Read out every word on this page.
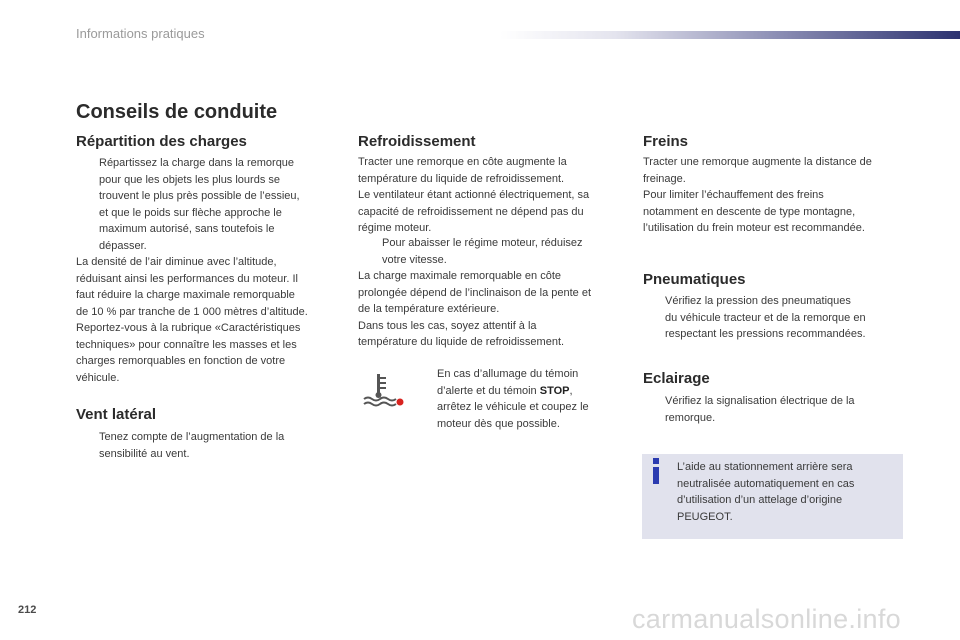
Informations pratiques
Conseils de conduite
Répartition des charges
Répartissez la charge dans la remorque
pour que les objets les plus lourds se
trouvent le plus près possible de l’essieu,
et que le poids sur flèche approche le
maximum autorisé, sans toutefois le
dépasser.
La densité de l’air diminue avec l’altitude,
réduisant ainsi les performances du moteur. Il
faut réduire la charge maximale remorquable
de 10 % par tranche de 1 000 mètres d’altitude.
Reportez-vous à la rubrique «Caractéristiques
techniques» pour connaître les masses et les
charges remorquables en fonction de votre
véhicule.
Vent latéral
Tenez compte de l’augmentation de la
sensibilité au vent.
Refroidissement
Tracter une remorque en côte augmente la
température du liquide de refroidissement.
Le ventilateur étant actionné électriquement, sa
capacité de refroidissement ne dépend pas du
régime moteur.
Pour abaisser le régime moteur, réduisez
votre vitesse.
La charge maximale remorquable en côte
prolongée dépend de l’inclinaison de la pente et
de la température extérieure.
Dans tous les cas, soyez attentif à la
température du liquide de refroidissement.
En cas d’allumage du témoin
d’alerte et du témoin STOP,
arrêtez le véhicule et coupez le
moteur dès que possible.
Freins
Tracter une remorque augmente la distance de
freinage.
Pour limiter l’échauffement des freins
notamment en descente de type montagne,
l’utilisation du frein moteur est recommandée.
Pneumatiques
Vérifiez la pression des pneumatiques
du véhicule tracteur et de la remorque en
respectant les pressions recommandées.
Eclairage
Vérifiez la signalisation électrique de la
remorque.
L’aide au stationnement arrière sera
neutralisée automatiquement en cas
d’utilisation d’un attelage d’origine
PEUGEOT.
212	carmanualsonline.info
